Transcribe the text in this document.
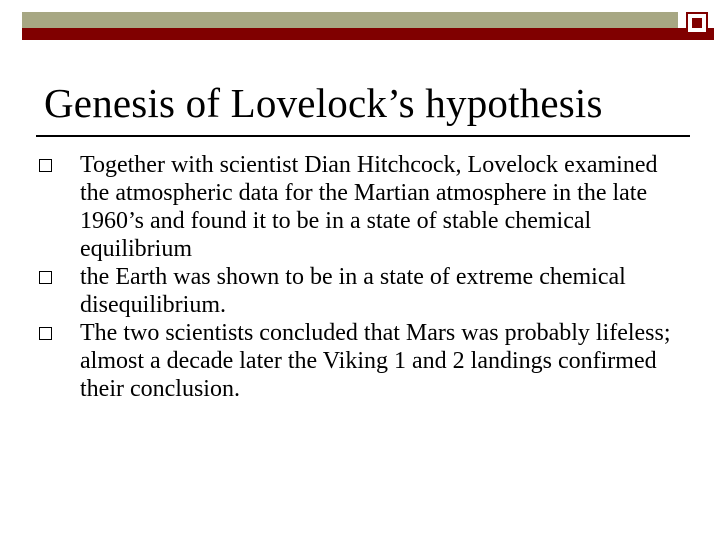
Genesis of Lovelock’s hypothesis
Together with scientist Dian Hitchcock, Lovelock examined the atmospheric data for the Martian atmosphere in the late 1960’s and found it to be in a state of stable chemical equilibrium
the Earth was shown to be in a state of extreme chemical disequilibrium.
The two scientists concluded that Mars was probably lifeless; almost a decade later the Viking 1 and 2 landings confirmed their conclusion.
